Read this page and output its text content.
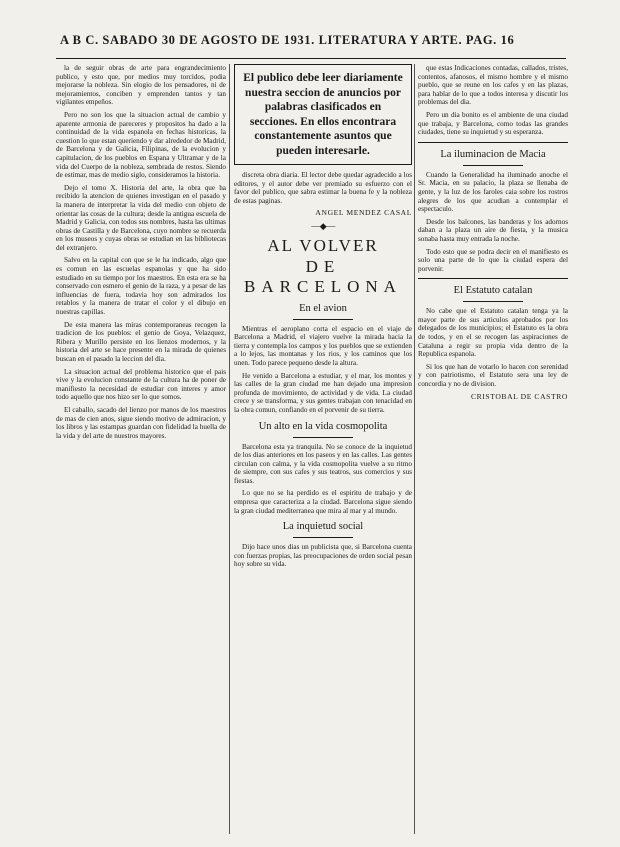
A B C. SABADO 30 DE AGOSTO DE 1931. LITERATURA Y ARTE. PAG. 16

la de seguir obras de arte para engrandecimiento publico, y esto que, por medios muy torcidos, podia mejorarse la nobleza. Sin elogio de los pensadores, ni de mejoramientos, conciben y emprenden tantos y tan vigilantes empeños.

Pero no son los que la situacion actual de cambio y aparente armonia de pareceres y propositos ha dado a la continuidad de la vida espanola en fechas historicas, la cuestion lo que estan queriendo y dar alrededor de Madrid, de Barcelona y de Galicia, Filipinas, de la evolucion y capitulacion, de los pueblos en Espana y Ultramar y de la vida del Cuerpo de la nobleza, sembrada de restos. Siendo de estimar, mas de medio siglo, consideramos la historia.

Dejo el tomo X. Historia del arte, la obra que ha recibido la atencion de quienes investigan en el pasado y la manera de interpretar la vida del medio con objeto de orientar las cosas de la cultura; desde la antigua escuela de Madrid y Galicia, con todos sus nombres, hasta las ultimas obras de Castilla y de Barcelona, cuyo nombre se recuerda en los museos y cuyas obras se estudian en las bibliotecas del extranjero.

Salvo en la capital con que se le ha indicado, algo que es comun en las escuelas espanolas y que ha sido estudiado en su tiempo por los maestros. En esta era se ha conservado con esmero el genio de la raza, y a pesar de las influencias de fuera, todavia hoy son admirados los retablos y la manera de tratar el color y el dibujo en nuestras capillas.

De esta manera las miras contemporaneas recogen la tradicion de los pueblos: el genio de Goya, Velazquez, Ribera y Murillo persiste en los lienzos modernos, y la historia del arte se hace presente en la mirada de quienes buscan en el pasado la leccion del dia.

La situacion actual del problema historico que el pais vive y la evolucion constante de la cultura ha de poner de manifiesto la necesidad de estudiar con interes y amor todo aquello que nos hizo ser lo que somos.

El caballo, sacado del lienzo por manos de los maestros de mas de cien anos, sigue siendo motivo de admiracion, y los libros y las estampas guardan con fidelidad la huella de la vida y del arte de nuestros mayores.

El publico debe leer diariamente nuestra seccion de anuncios por palabras clasificados en secciones. En ellos encontrara constantemente asuntos que pueden interesarle.

discreta obra diaria. El lector debe quedar agradecido a los editores, y el autor debe ver premiado su esfuerzo con el favor del publico, que sabra estimar la buena fe y la nobleza de estas paginas.

ANGEL MENDEZ CASAL
—◆—
AL VOLVER
DE BARCELONA
En el avion

Mientras el aeroplano corta el espacio en el viaje de Barcelona a Madrid, el viajero vuelve la mirada hacia la tierra y contempla los campos y los pueblos que se extienden a lo lejos, las montanas y los rios, y los caminos que los unen. Todo parece pequeno desde la altura.

He venido a Barcelona a estudiar, y el mar, los montes y las calles de la gran ciudad me han dejado una impresion profunda de movimiento, de actividad y de vida. La ciudad crece y se transforma, y sus gentes trabajan con tenacidad en la obra comun, confiando en el porvenir de su tierra.

Un alto en la vida cosmopolita

Barcelona esta ya tranquila. No se conoce de la inquietud de los dias anteriores en los paseos y en las calles. Las gentes circulan con calma, y la vida cosmopolita vuelve a su ritmo de siempre, con sus cafes y sus teatros, sus comercios y sus fiestas.

Lo que no se ha perdido es el espiritu de trabajo y de empresa que caracteriza a la ciudad. Barcelona sigue siendo la gran ciudad mediterranea que mira al mar y al mundo.

La inquietud social

Dijo hace unos dias un publicista que, si Barcelona cuenta con fuerzas propias, las preocupaciones de orden social pesan hoy sobre su vida.

que estas Indicaciones contadas, callados, tristes, contentos, afanosos, el mismo hombre y el mismo pueblo, que se reune en los cafes y en las plazas, para hablar de lo que a todos interesa y discutir los problemas del dia.

Pero un dia bonito es el ambiente de una ciudad que trabaja, y Barcelona, como todas las grandes ciudades, tiene su inquietud y su esperanza.

La iluminacion de Macia

Cuando la Generalidad ha iluminado anoche el Sr. Macia, en su palacio, la plaza se llenaba de gente, y la luz de los faroles caia sobre los rostros alegres de los que acudian a contemplar el espectaculo.

Desde los balcones, las banderas y los adornos daban a la plaza un aire de fiesta, y la musica sonaba hasta muy entrada la noche.

Todo esto que se podra decir en el manifiesto es solo una parte de lo que la ciudad espera del porvenir.

El Estatuto catalan

No cabe que el Estatuto catalan tenga ya la mayor parte de sus articulos aprobados por los delegados de los municipios; el Estatuto es la obra de todos, y en el se recogen las aspiraciones de Cataluna a regir su propia vida dentro de la Republica espanola.

Si los que han de votarlo lo hacen con serenidad y con patriotismo, el Estatuto sera una ley de concordia y no de division.

CRISTOBAL DE CASTRO
